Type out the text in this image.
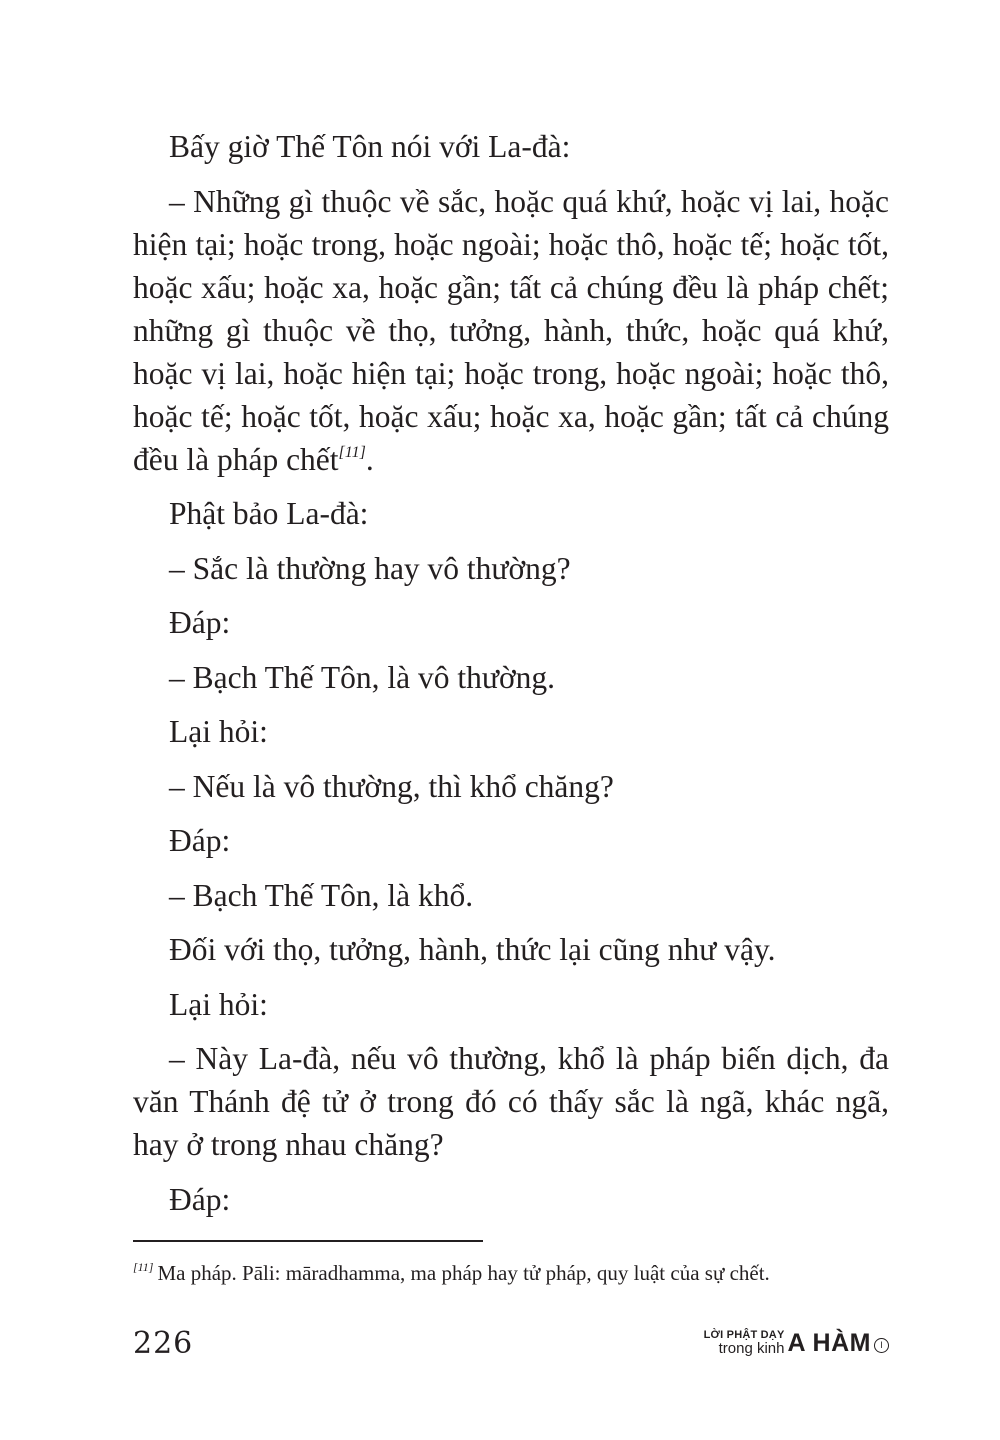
Bấy giờ Thế Tôn nói với La-đà:

– Những gì thuộc về sắc, hoặc quá khứ, hoặc vị lai, hoặc hiện tại; hoặc trong, hoặc ngoài; hoặc thô, hoặc tế; hoặc tốt, hoặc xấu; hoặc xa, hoặc gần; tất cả chúng đều là pháp chết; những gì thuộc về thọ, tưởng, hành, thức, hoặc quá khứ, hoặc vị lai, hoặc hiện tại; hoặc trong, hoặc ngoài; hoặc thô, hoặc tế; hoặc tốt, hoặc xấu; hoặc xa, hoặc gần; tất cả chúng đều là pháp chết[11].

Phật bảo La-đà:

– Sắc là thường hay vô thường?

Đáp:

– Bạch Thế Tôn, là vô thường.

Lại hỏi:

– Nếu là vô thường, thì khổ chăng?

Đáp:

– Bạch Thế Tôn, là khổ.

Đối với thọ, tưởng, hành, thức lại cũng như vậy.

Lại hỏi:

– Này La-đà, nếu vô thường, khổ là pháp biến dịch, đa văn Thánh đệ tử ở trong đó có thấy sắc là ngã, khác ngã, hay ở trong nhau chăng?

Đáp:

[11] Ma pháp. Pāli: māradhamma, ma pháp hay tử pháp, quy luật của sự chết.
226	LỜI PHẬT DẠY
trong kinh A HÀM	I
